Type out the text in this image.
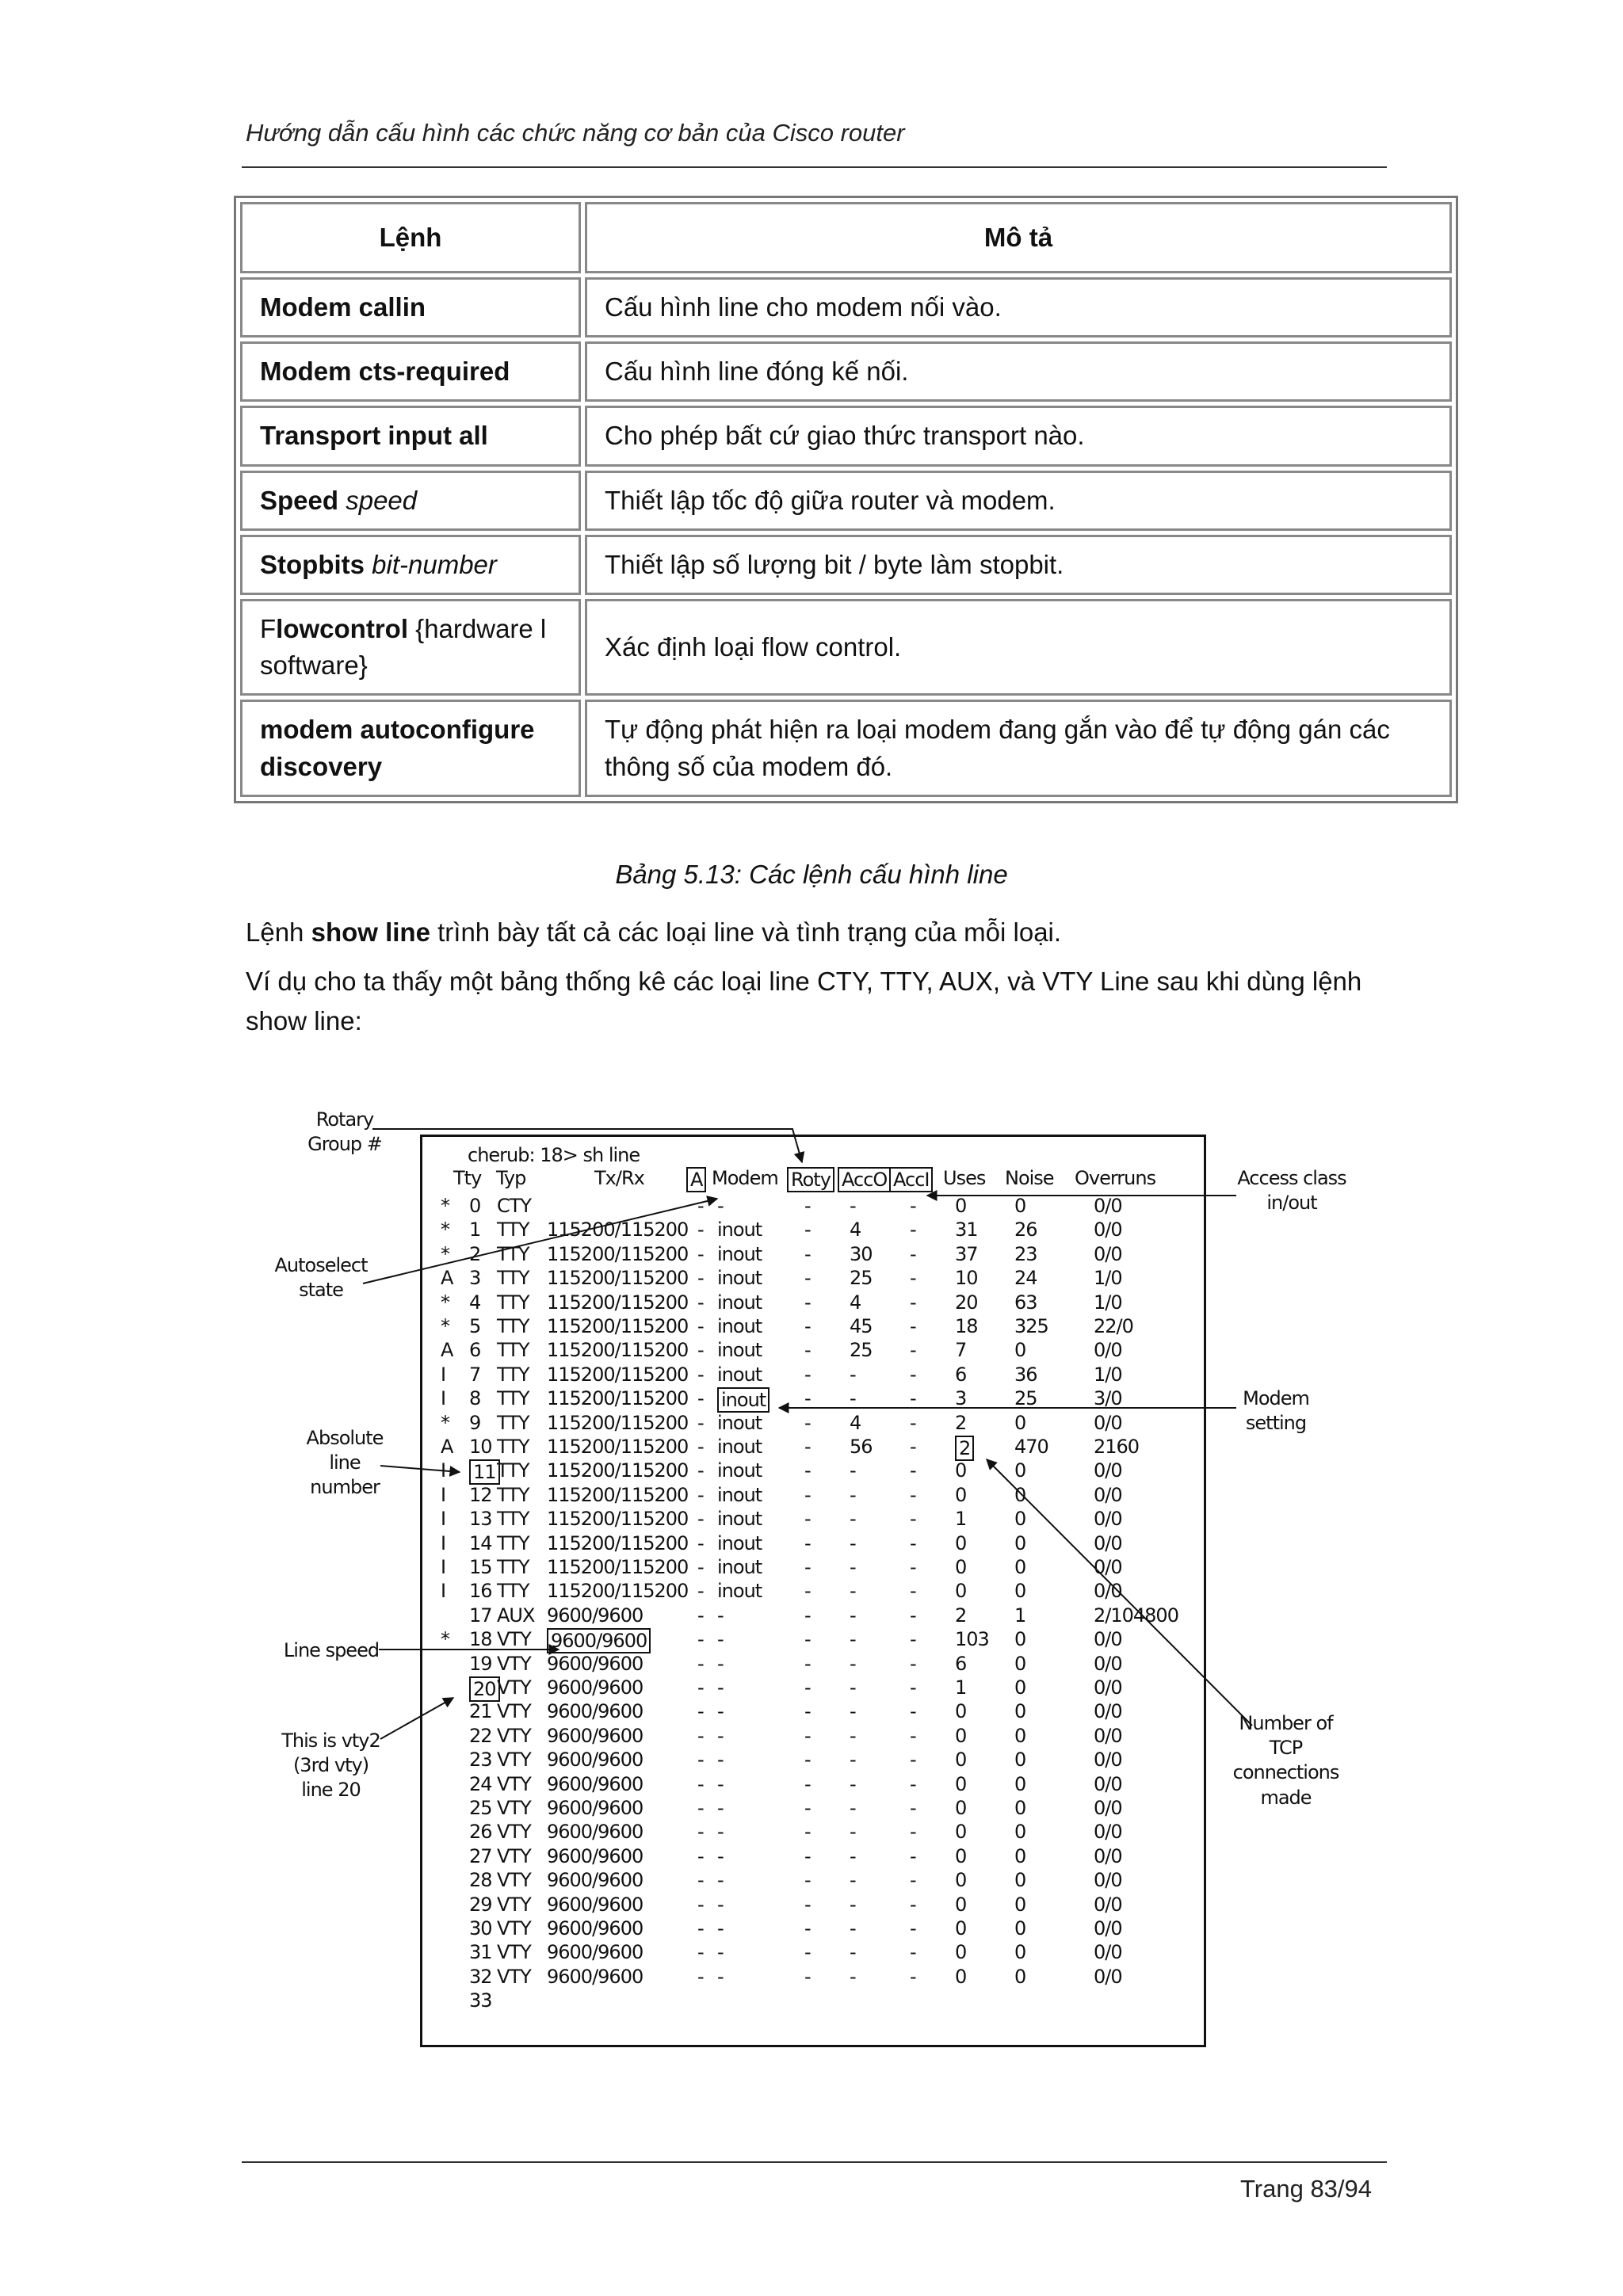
Hướng dẫn cấu hình các chức năng cơ bản của Cisco router
Lệnh	Mô tả
Modem callin	Cấu hình line cho modem nối vào.
Modem cts-required	Cấu hình line đóng kế nối.
Transport input all	Cho phép bất cứ giao thức transport nào.
Speed speed	Thiết lập tốc độ giữa router và modem.
Stopbits bit-number	Thiết lập số lượng bit / byte làm stopbit.
Flowcontrol {hardware l software}	Xác định loại flow control.
modem autoconfigure discovery	Tự động phát hiện ra loại modem đang gắn vào để tự động gán các thông số của modem đó.
Bảng 5.13: Các lệnh cấu hình line
Lệnh show line trình bày tất cả các loại line và tình trạng của mỗi loại.
Ví dụ cho ta thấy một bảng thống kê các loại line CTY, TTY, AUX, và VTY Line sau khi dùng lệnh show line:
cherub: 18> sh line
Tty Typ	Tx/Rx A Modem Roty AccO AccI Uses Noise Overruns
* 0 CTY	- -	- -	- 0	0	0/0
* 1 TTY 115200/115200 - inout - 4	- 31 26	0/0
* 2 TTY 115200/115200 - inout - 30 - 37 23	0/0
A 3 TTY 115200/115200 - inout - 25 - 10 24	1/0
* 4 TTY 115200/115200 - inout - 4	- 20 63	1/0
* 5 TTY 115200/115200 - inout - 45 - 18 325 22/0
A 6 TTY 115200/115200 - inout - 25 - 7	0	0/0
I 7 TTY 115200/115200 - inout - -	- 6	36	1/0
I 8 TTY 115200/115200 - inout - -	- 3	25	3/0
* 9 TTY 115200/115200 - inout - 4	- 2	0	0/0
A 10 TTY 115200/115200 - inout - 56 - 2 470 2160
I 11 TTY 115200/115200 - inout - -	- 0	0	0/0
I 12 TTY 115200/115200 - inout - -	- 0	0	0/0
I 13 TTY 115200/115200 - inout - -	- 1	0	0/0
I 14 TTY 115200/115200 - inout - -	- 0	0	0/0
I 15 TTY 115200/115200 - inout - -	- 0	0	0/0
I 16 TTY 115200/115200 - inout - -	- 0	0	0/0
17 AUX 9600/9600	- -	- -	- 2	1	2/104800
* 18 VTY 9600/9600	- -	- -	- 103 0	0/0
19 VTY 9600/9600	- -	- -	- 6	0	0/0
20 VTY 9600/9600	- -	- -	- 1	0	0/0
21 VTY 9600/9600	- -	- -	- 0	0	0/0
22 VTY 9600/9600	- -	- -	- 0	0	0/0
23 VTY 9600/9600	- -	- -	- 0	0	0/0
24 VTY 9600/9600	- -	- -	- 0	0	0/0
25 VTY 9600/9600	- -	- -	- 0	0	0/0
26 VTY 9600/9600	- -	- -	- 0	0	0/0
27 VTY 9600/9600	- -	- -	- 0	0	0/0
28 VTY 9600/9600	- -	- -	- 0	0	0/0
29 VTY 9600/9600	- -	- -	- 0	0	0/0
30 VTY 9600/9600	- -	- -	- 0	0	0/0
31 VTY 9600/9600	- -	- -	- 0	0	0/0
32 VTY 9600/9600	- -	- -	- 0	0	0/0
33
Rotary
Group #
Autoselect
state
Absolute
line
number
Line speed
This is vty2
(3rd vty)
line 20
Access class
in/out
Modem
setting
Number of
TCP
connections
made
Trang 83/94
